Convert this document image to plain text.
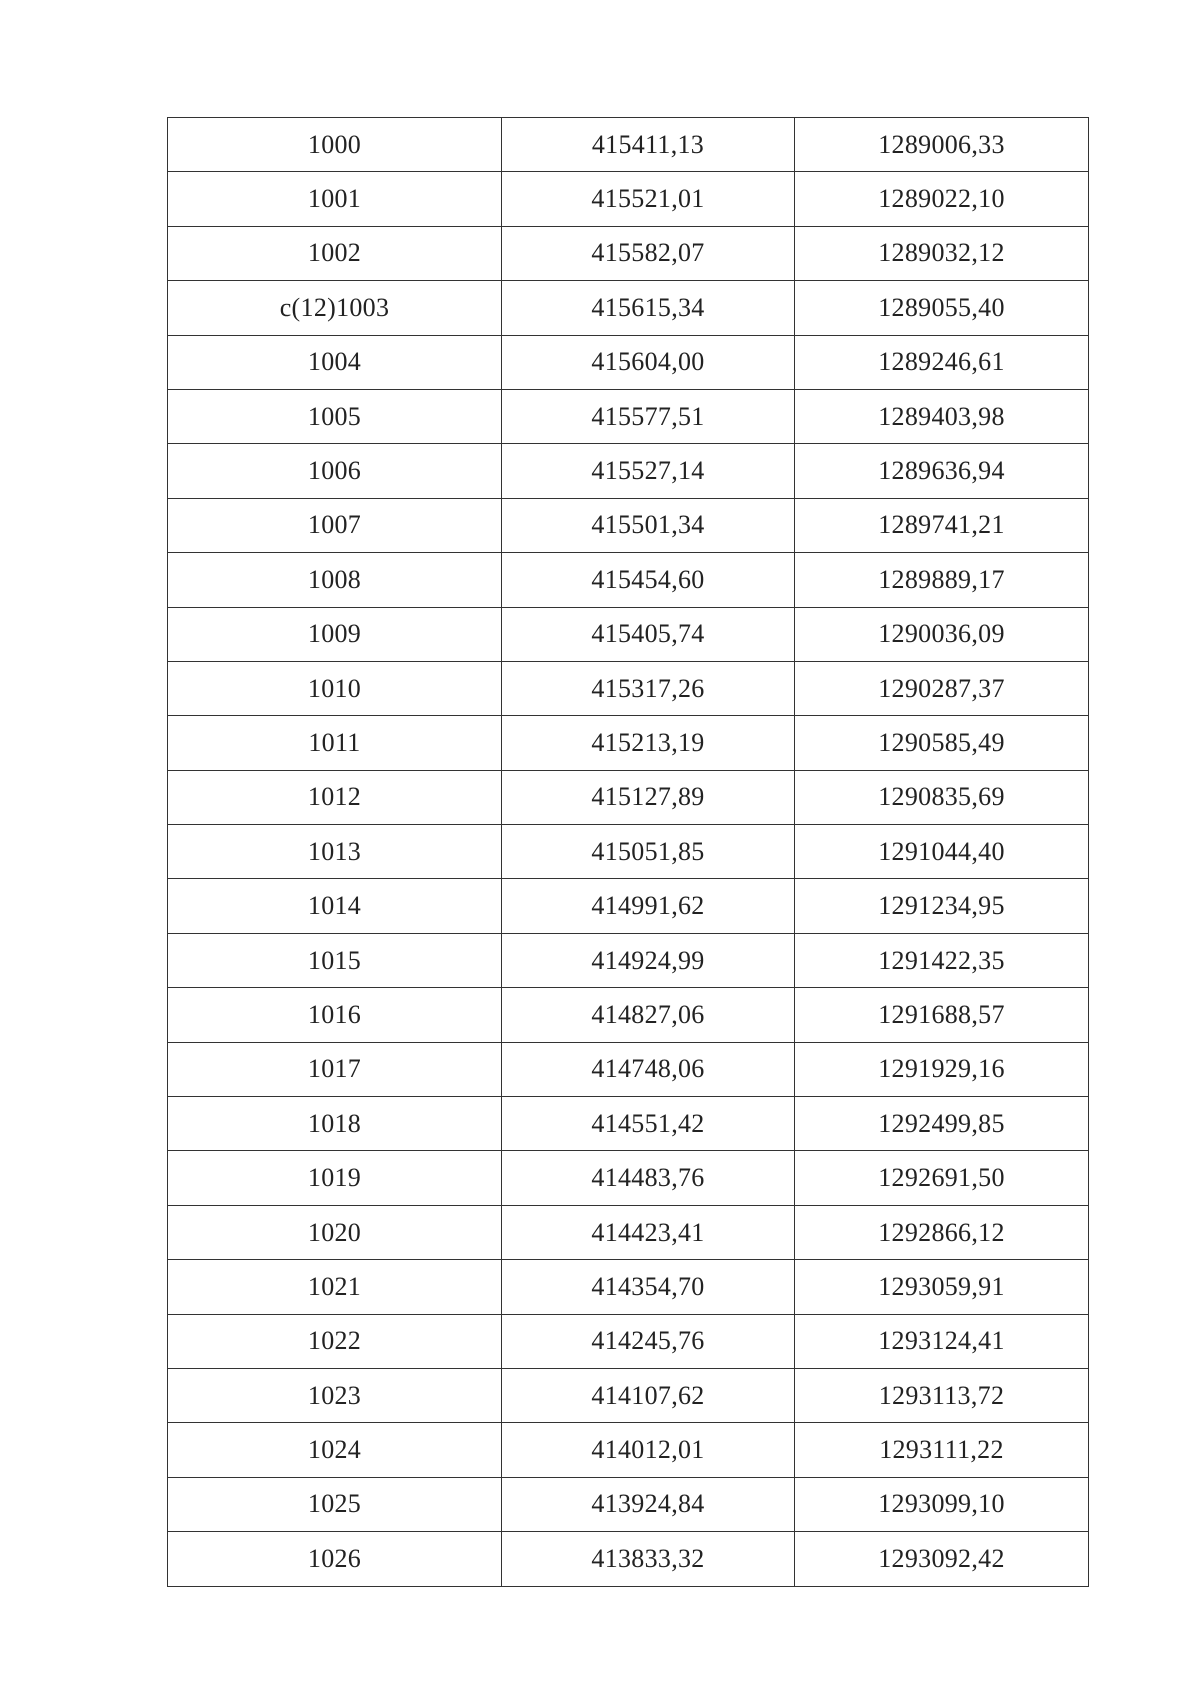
1000	415411,13	1289006,33
1001	415521,01	1289022,10
1002	415582,07	1289032,12
c(12)1003	415615,34	1289055,40
1004	415604,00	1289246,61
1005	415577,51	1289403,98
1006	415527,14	1289636,94
1007	415501,34	1289741,21
1008	415454,60	1289889,17
1009	415405,74	1290036,09
1010	415317,26	1290287,37
1011	415213,19	1290585,49
1012	415127,89	1290835,69
1013	415051,85	1291044,40
1014	414991,62	1291234,95
1015	414924,99	1291422,35
1016	414827,06	1291688,57
1017	414748,06	1291929,16
1018	414551,42	1292499,85
1019	414483,76	1292691,50
1020	414423,41	1292866,12
1021	414354,70	1293059,91
1022	414245,76	1293124,41
1023	414107,62	1293113,72
1024	414012,01	1293111,22
1025	413924,84	1293099,10
1026	413833,32	1293092,42
